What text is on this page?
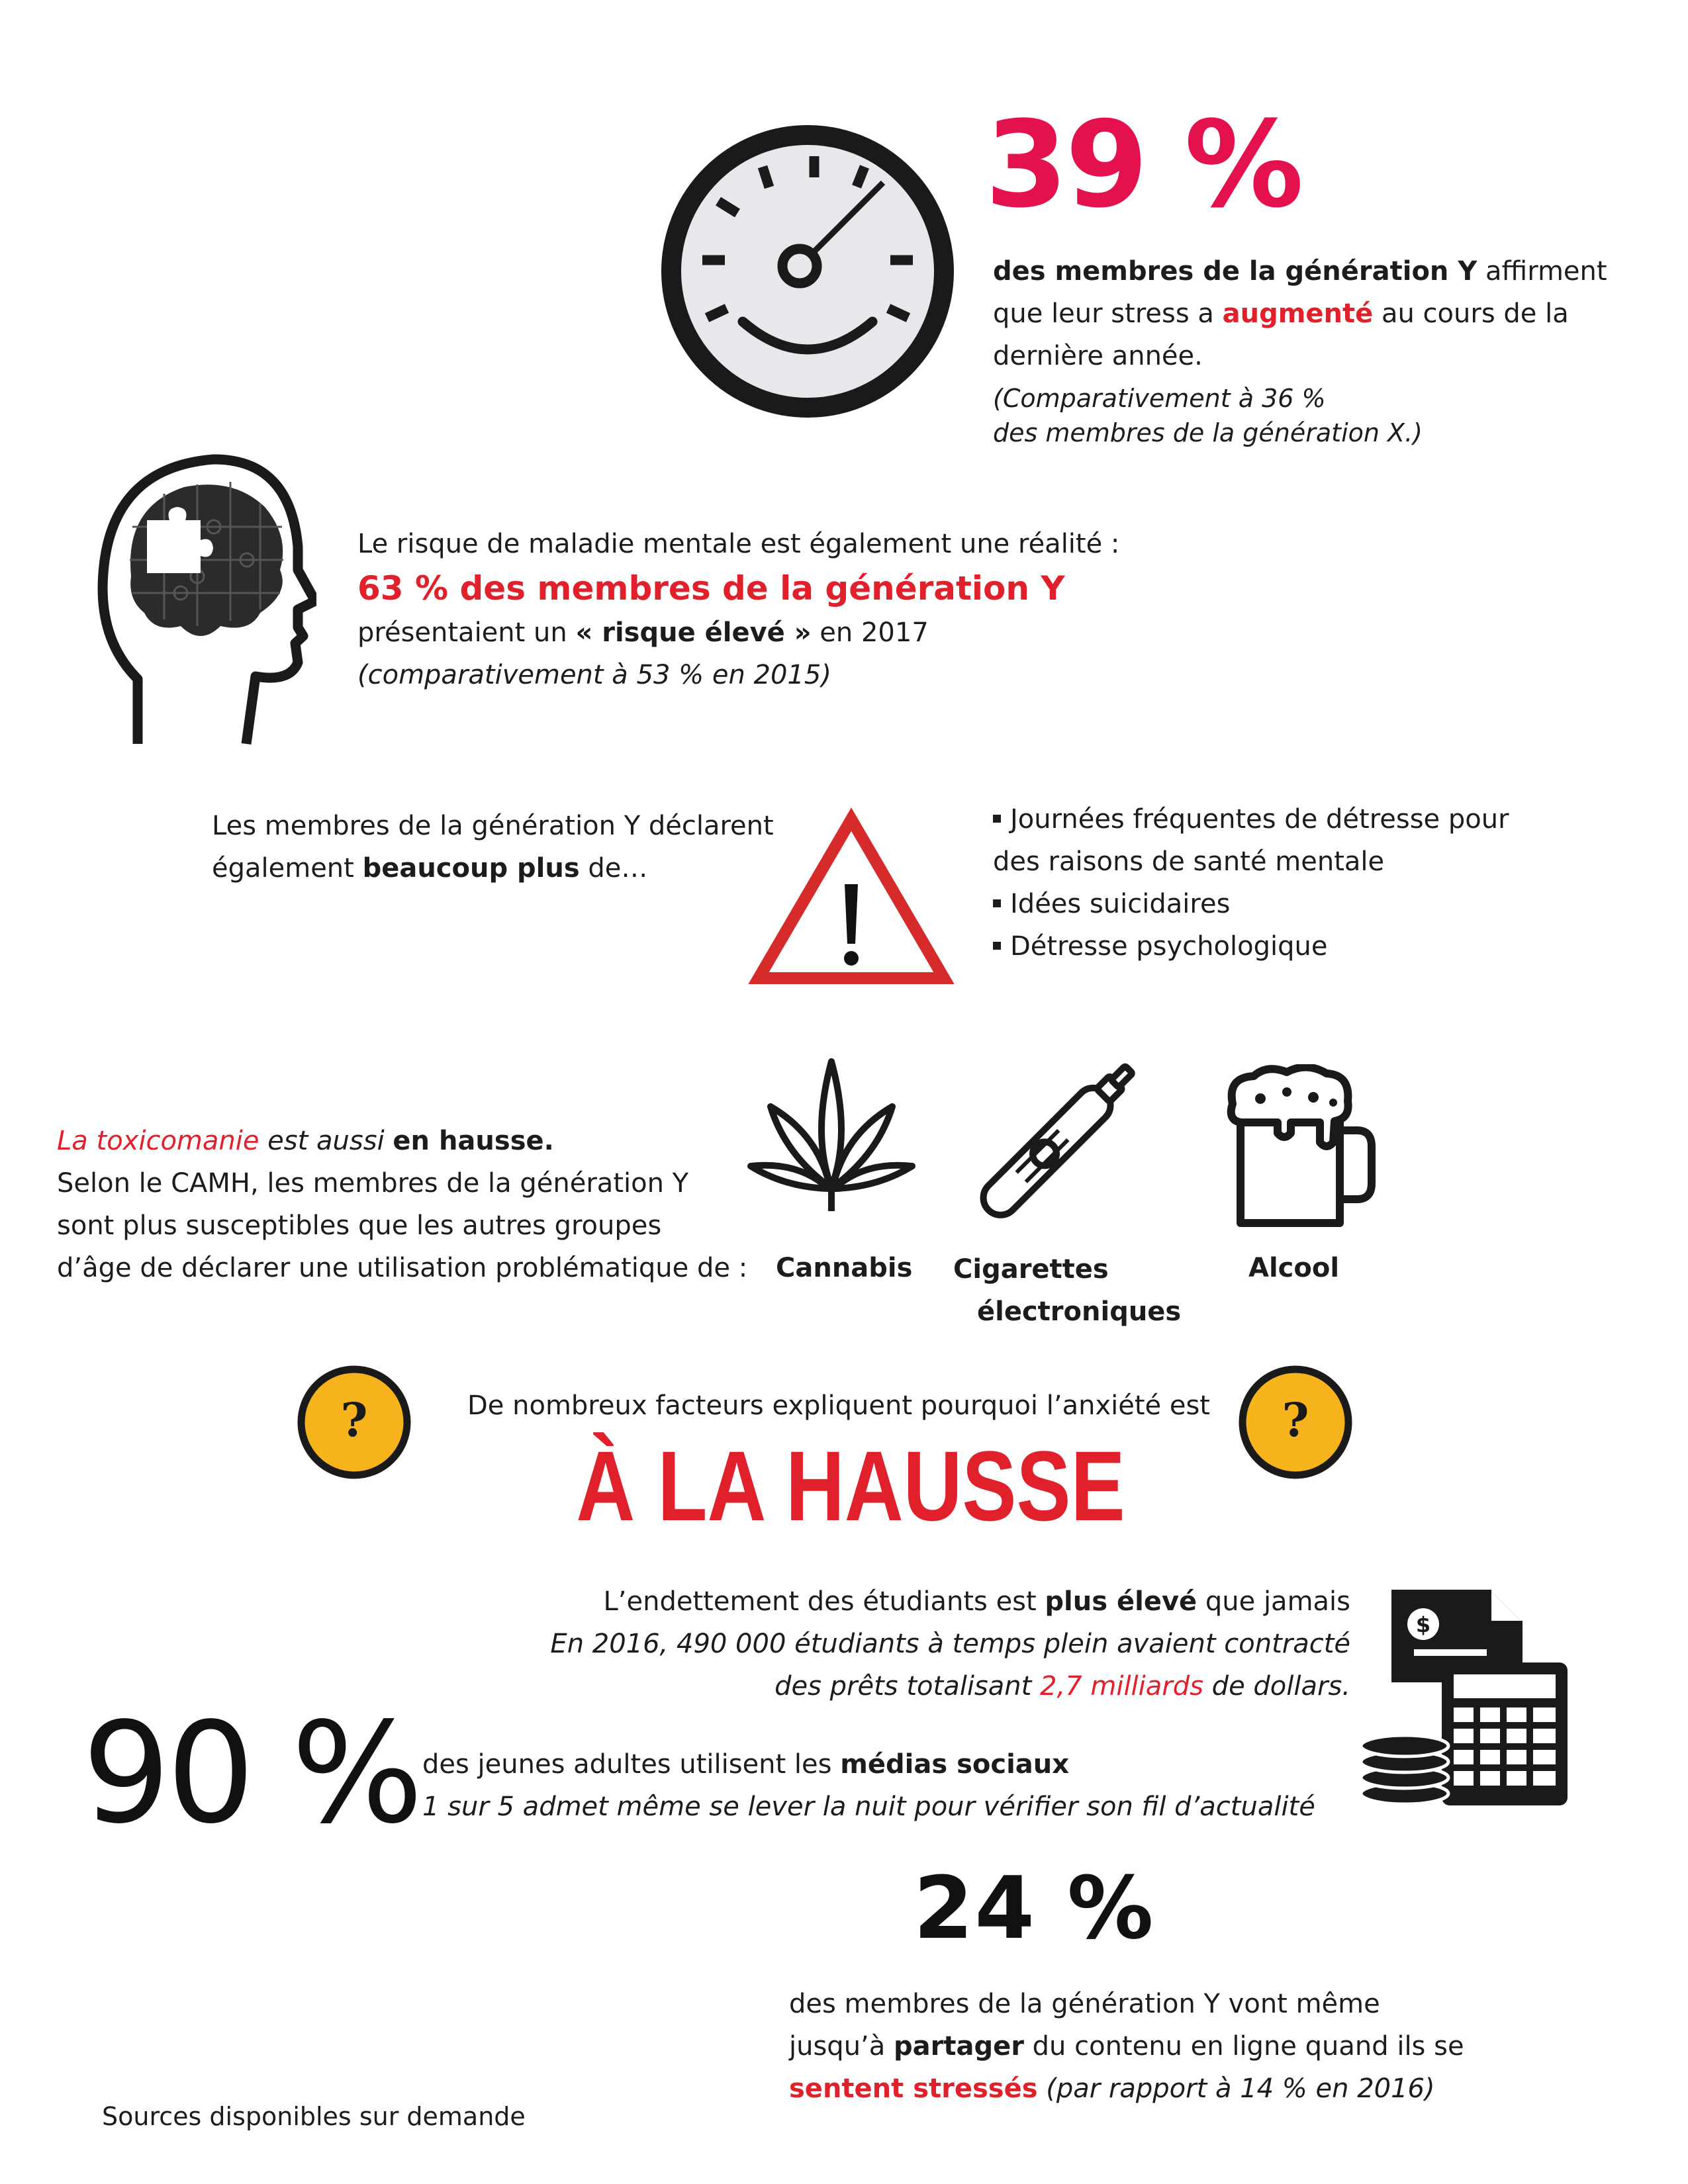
39 %
des membres de la génération Y affirment
que leur stress a augmenté au cours de la
dernière année.
(Comparativement à 36 %
des membres de la génération X.)
Le risque de maladie mentale est également une réalité :
63 % des membres de la génération Y
présentaient un « risque élevé » en 2017
(comparativement à 53 % en 2015)
Les membres de la génération Y déclarent
également beaucoup plus de…
Journées fréquentes de détresse pour
des raisons de santé mentale
Idées suicidaires
Détresse psychologique
La toxicomanie est aussi en hausse.
Selon le CAMH, les membres de la génération Y
sont plus susceptibles que les autres groupes
d’âge de déclarer une utilisation problématique de : Cannabis Cigarettes
électroniques
Alcool
?	?
De nombreux facteurs expliquent pourquoi l’anxiété est
À LA HAUSSE
L’endettement des étudiants est plus élevé que jamais
En 2016, 490 000 étudiants à temps plein avaient contracté
des prêts totalisant 2,7 milliards de dollars.
$
90 % des jeunes adultes utilisent les médias sociaux
1 sur 5 admet même se lever la nuit pour vérifier son fil d’actualité
24 %
des membres de la génération Y vont même
jusqu’à partager du contenu en ligne quand ils se
sentent stressés (par rapport à 14 % en 2016)
Sources disponibles sur demande
